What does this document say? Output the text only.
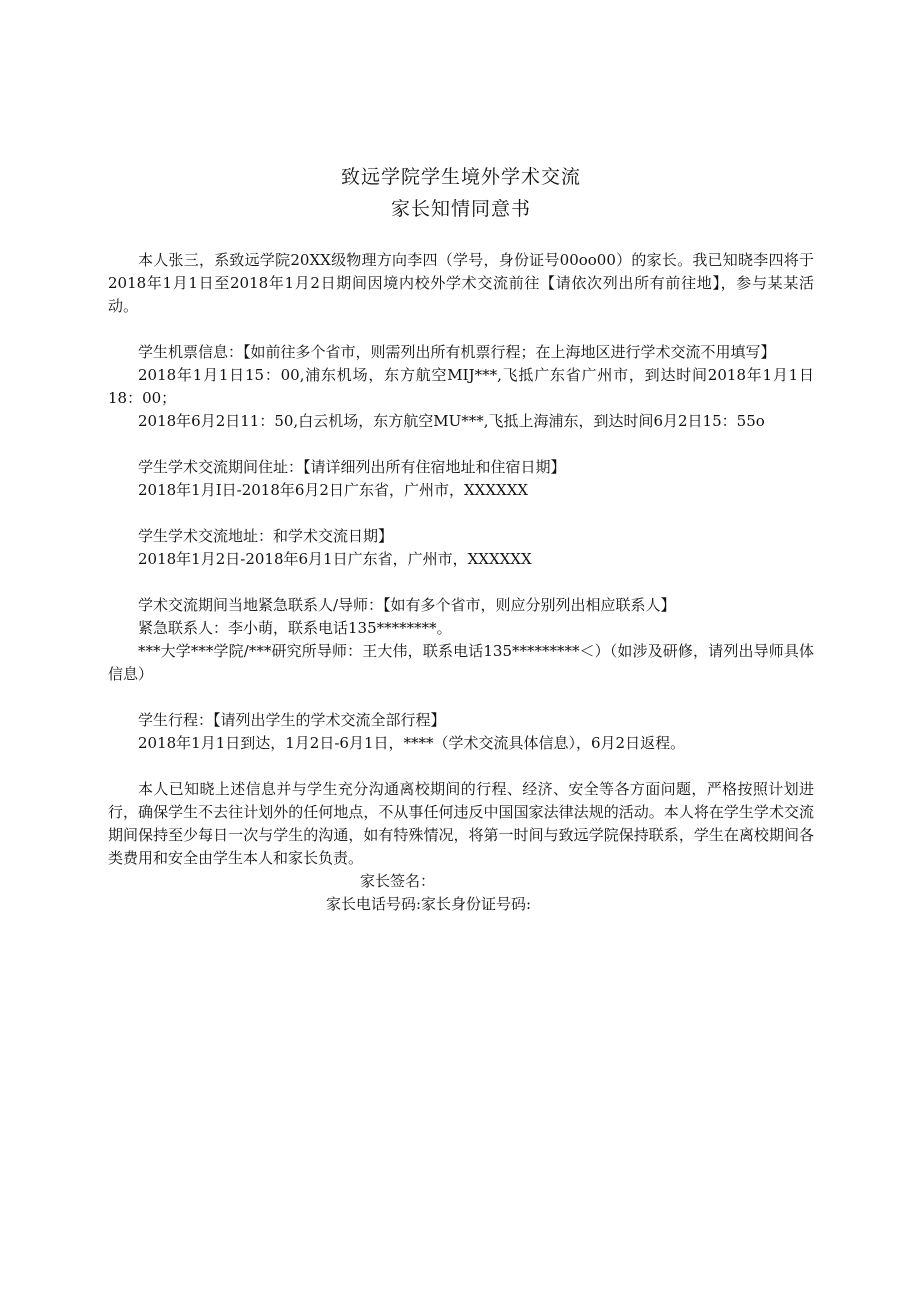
致远学院学生境外学术交流
家长知情同意书

本人张三，系致远学院20XX级物理方向李四（学号，身份证号00oo00）的家长。我已知晓李四将于2018年1月1日至2018年1月2日期间因境内校外学术交流前往【请依次列出所有前往地】，参与某某活动。

学生机票信息：【如前往多个省市，则需列出所有机票行程；在上海地区进行学术交流不用填写】

2018年1月1日15：00,浦东机场，东方航空MIJ***,飞抵广东省广州市，到达时间2018年1月1日18：00；

2018年6月2日11：50,白云机场，东方航空MU***,飞抵上海浦东，到达时间6月2日15：55o

学生学术交流期间住址：【请详细列出所有住宿地址和住宿日期】

2018年1月I日-2018年6月2日广东省，广州市，XXXXXX

学生学术交流地址：和学术交流日期】

2018年1月2日-2018年6月1日广东省，广州市，XXXXXX

学术交流期间当地紧急联系人/导师：【如有多个省市，则应分别列出相应联系人】

紧急联系人：李小萌，联系电话135********。

***大学***学院/***研究所导师：王大伟，联系电话135*********＜）（如涉及研修，请列出导师具体信息）

学生行程：【请列出学生的学术交流全部行程】

2018年1月1日到达，1月2日-6月1日，****（学术交流具体信息），6月2日返程。

本人已知晓上述信息并与学生充分沟通离校期间的行程、经济、安全等各方面问题，严格按照计划进行，确保学生不去往计划外的任何地点，不从事任何违反中国国家法律法规的活动。本人将在学生学术交流期间保持至少每日一次与学生的沟通，如有特殊情况，将第一时间与致远学院保持联系，学生在离校期间各类费用和安全由学生本人和家长负责。

家长签名：

家长电话号码:家长身份证号码:
